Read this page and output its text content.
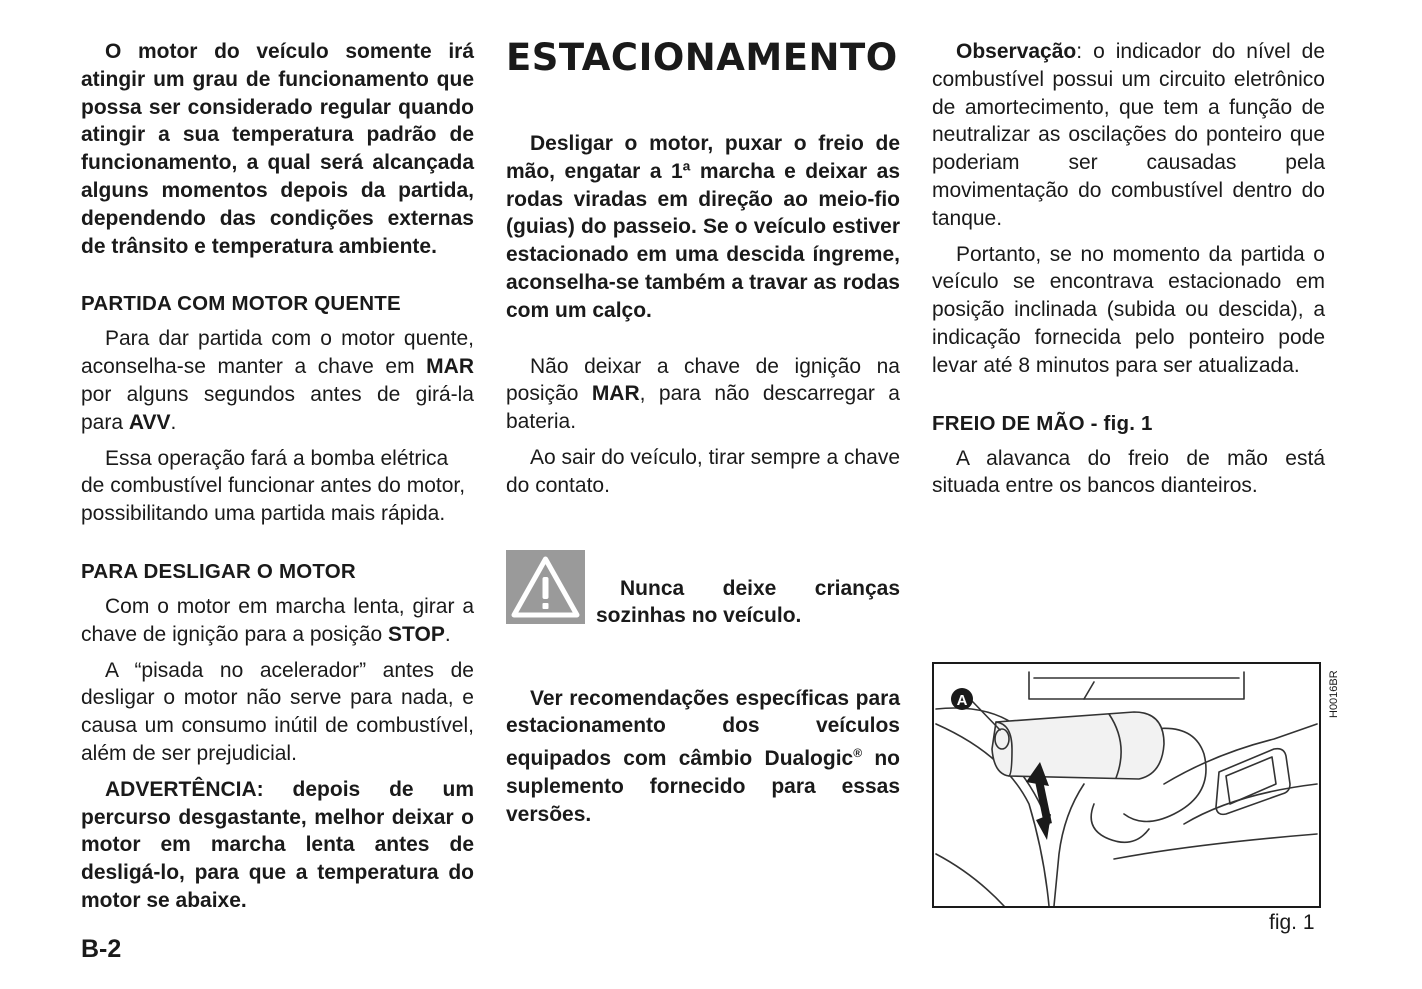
O motor do veículo somente irá atingir um grau de funcionamento que possa ser considerado regular quando atingir a sua temperatura padrão de funcionamento, a qual será alcançada alguns momentos depois da partida, dependendo das condições externas de trânsito e temperatura ambiente.

PARTIDA COM MOTOR QUENTE

Para dar partida com o motor quente, aconselha-se manter a chave em MAR por alguns segundos antes de girá-la para AVV.

Essa operação fará a bomba elétrica de combustível funcionar antes do motor, possibilitando uma partida mais rápida.

PARA DESLIGAR O MOTOR

Com o motor em marcha lenta, girar a chave de ignição para a posição STOP.

A “pisada no acelerador” antes de desligar o motor não serve para nada, e causa um consumo inútil de combustível, além de ser prejudicial.

ADVERTÊNCIA: depois de um percurso desgastante, melhor deixar o motor em marcha lenta antes de desligá-lo, para que a temperatura do motor se abaixe.

ESTACIONAMENTO

Desligar o motor, puxar o freio de mão, engatar a 1ª marcha e deixar as rodas viradas em direção ao meio-fio (guias) do passeio. Se o veículo estiver estacionado em uma descida íngreme, aconselha-se também a travar as rodas com um calço.

Não deixar a chave de ignição na posição MAR, para não descarregar a bateria.

Ao sair do veículo, tirar sempre a chave do contato.

Nunca deixe crianças sozinhas no veículo.

Ver recomendações específicas para estacionamento dos veículos equipados com câmbio Dualogic® no suplemento fornecido para essas versões.

Observação: o indicador do nível de combustível possui um circuito eletrônico de amortecimento, que tem a função de neutralizar as oscilações do ponteiro que poderiam ser causadas pela movimentação do combustível dentro do tanque.

Portanto, se no momento da partida o veículo se encontrava estacionado em posição inclinada (subida ou descida), a indicação fornecida pelo ponteiro pode levar até 8 minutos para ser atualizada.

FREIO DE MÃO - fig. 1

A alavanca do freio de mão está situada entre os bancos dianteiros.

A	H0016BR
fig. 1
B-2
